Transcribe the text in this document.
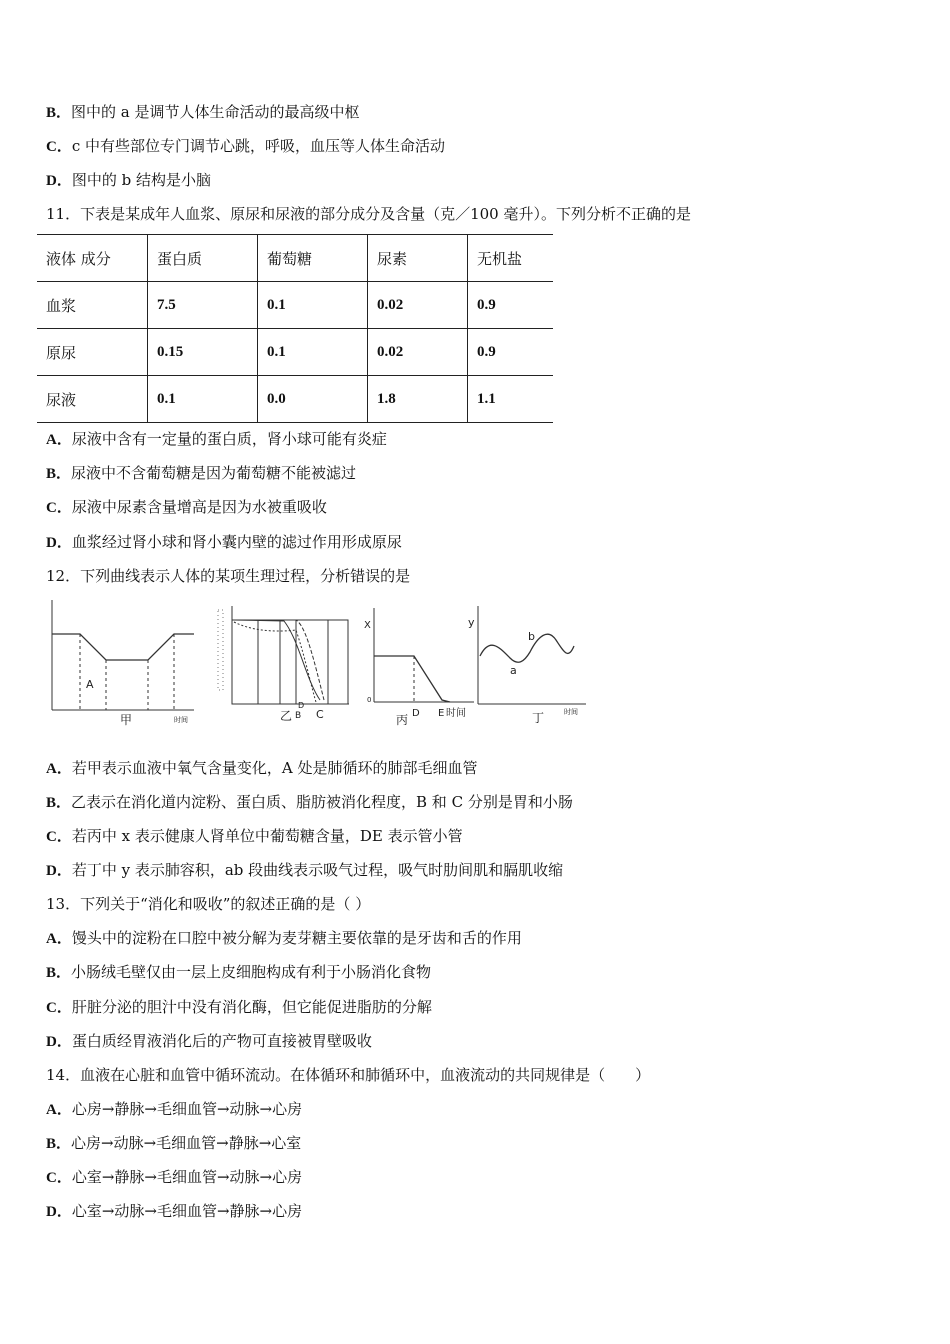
B．图中的 a 是调节人体生命活动的最高级中枢
C．c 中有些部位专门调节心跳，呼吸，血压等人体生命活动
D．图中的 b 结构是小脑
11．下表是某成年人血浆、原尿和尿液的部分成分及含量（克／100 毫升）。下列分析不正确的是
液体 成分	蛋白质	葡萄糖	尿素	无机盐
血浆	7.5	0.1	0.02	0.9
原尿	0.15	0.1	0.02	0.9
尿液	0.1	0.0	1.8	1.1
A．尿液中含有一定量的蛋白质，肾小球可能有炎症
B．尿液中不含葡萄糖是因为葡萄糖不能被滤过
C．尿液中尿素含量增高是因为水被重吸收
D．血浆经过肾小球和肾小囊内壁的滤过作用形成原尿
12．下列曲线表示人体的某项生理过程，分析错误的是
A
甲	时间	乙 B C
D
X
0
丙 D E 时间
y
a
b
丁	时间
A．若甲表示血液中氧气含量变化，A 处是肺循环的肺部毛细血管
B．乙表示在消化道内淀粉、蛋白质、脂肪被消化程度，B 和 C 分别是胃和小肠
C．若丙中 x 表示健康人肾单位中葡萄糖含量，DE 表示管小管
D．若丁中 y 表示肺容积，ab 段曲线表示吸气过程，吸气时肋间肌和膈肌收缩
13．下列关于“消化和吸收”的叙述正确的是（ ）
A．馒头中的淀粉在口腔中被分解为麦芽糖主要依靠的是牙齿和舌的作用
B．小肠绒毛壁仅由一层上皮细胞构成有利于小肠消化食物
C．肝脏分泌的胆汁中没有消化酶，但它能促进脂肪的分解
D．蛋白质经胃液消化后的产物可直接被胃壁吸收
14．血液在心脏和血管中循环流动。在体循环和肺循环中，血液流动的共同规律是（　　）
A．心房→静脉→毛细血管→动脉→心房
B．心房→动脉→毛细血管→静脉→心室
C．心室→静脉→毛细血管→动脉→心房
D．心室→动脉→毛细血管→静脉→心房
